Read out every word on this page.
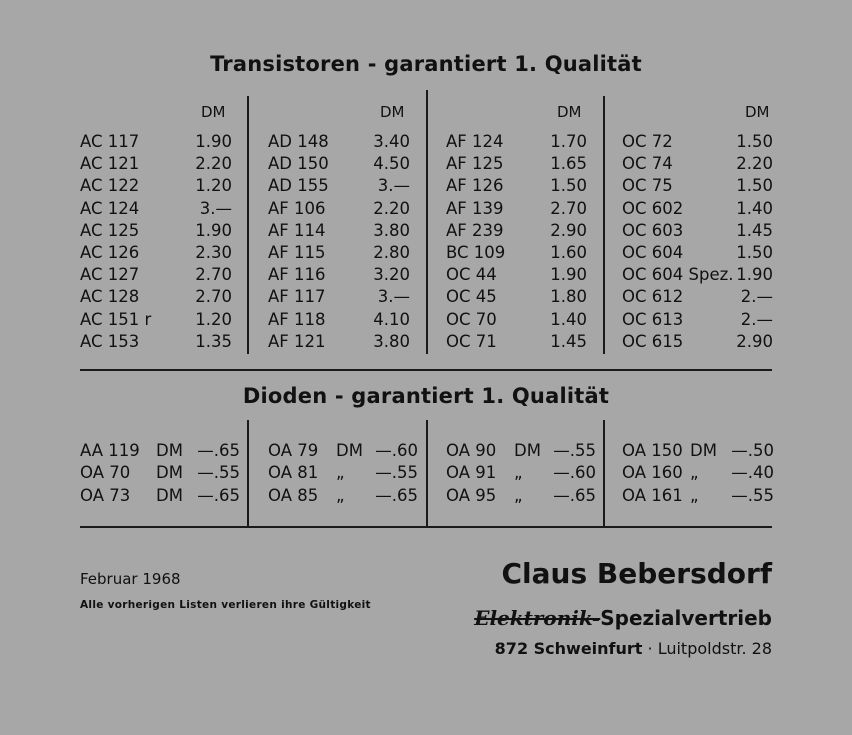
Transistoren - garantiert 1. Qualität
DM	DM	DM	DM
AC 117	1.90
AC 121	2.20
AC 122	1.20
AC 124	3.—
AC 125	1.90
AC 126	2.30
AC 127	2.70
AC 128	2.70
AC 151 r	1.20
AC 153	1.35
AD 148	3.40
AD 150	4.50
AD 155	3.—
AF 106	2.20
AF 114	3.80
AF 115	2.80
AF 116	3.20
AF 117	3.—
AF 118	4.10
AF 121	3.80
AF 124	1.70
AF 125	1.65
AF 126	1.50
AF 139	2.70
AF 239	2.90
BC 109	1.60
OC 44	1.90
OC 45	1.80
OC 70	1.40
OC 71	1.45
OC 72	1.50
OC 74	2.20
OC 75	1.50
OC 602	1.40
OC 603	1.45
OC 604	1.50
OC 604 Spez. 1.90
OC 612	2.—
OC 613	2.—
OC 615	2.90
Dioden - garantiert 1. Qualität
AA 119 DM —.65
OA 70 DM —.55
OA 73 DM —.65
OA 79 DM —.60
OA 81 „ —.55
OA 85 „ —.65
OA 90 DM —.55
OA 91 „ —.60
OA 95 „ —.65
OA 150 DM —.50
OA 160 „ —.40
OA 161 „ —.55
Februar 1968
Alle vorherigen Listen verlieren ihre Gültigkeit
Claus Bebersdorf
Elektronik-Spezialvertrieb
872 Schweinfurt · Luitpoldstr. 28
